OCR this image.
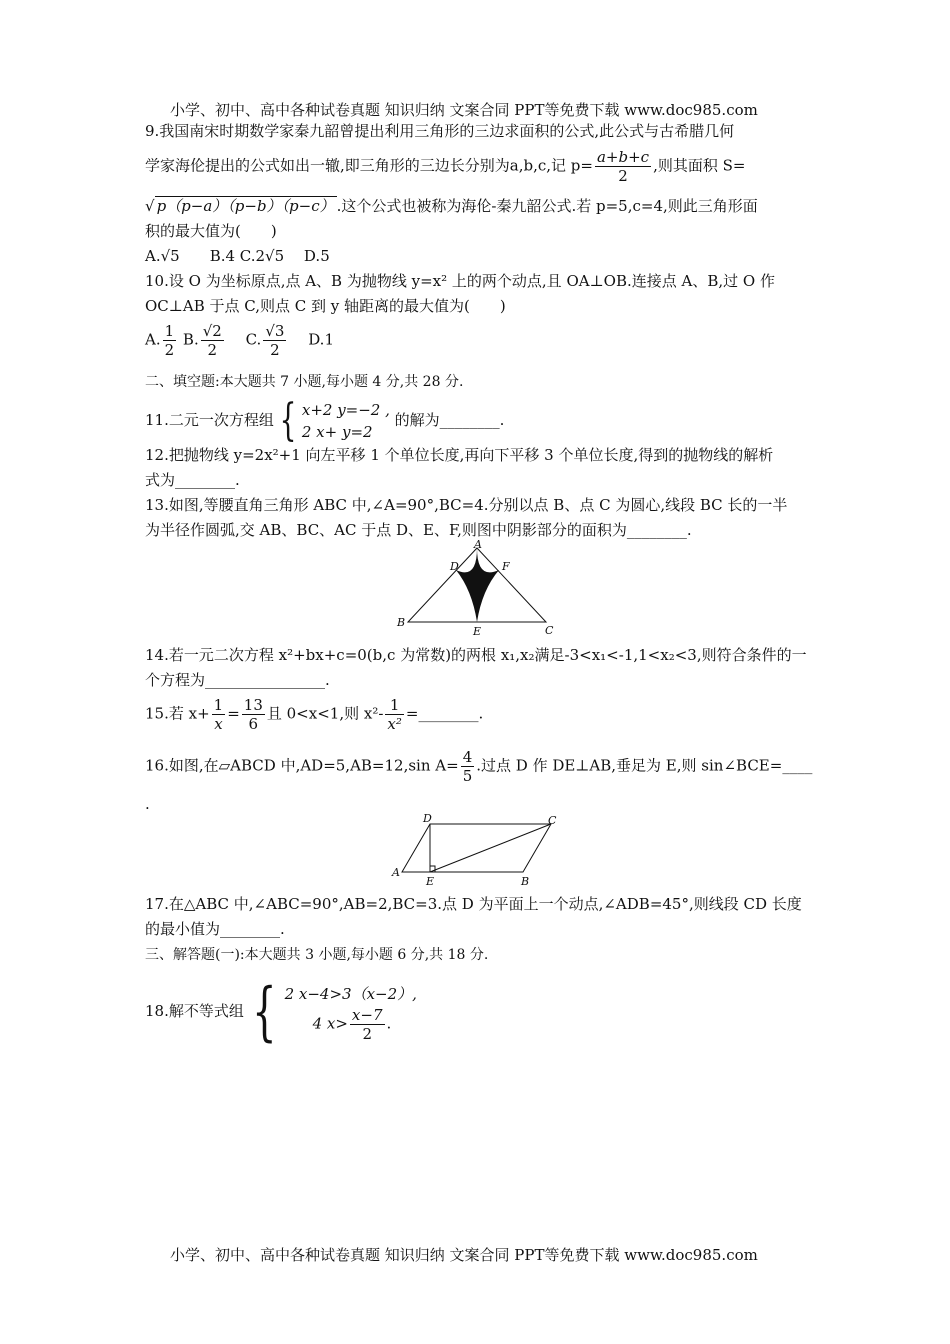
小学、初中、高中各种试卷真题 知识归纳 文案合同 PPT等免费下载 www.doc985.com
9.我国南宋时期数学家秦九韶曾提出利用三角形的三边求面积的公式,此公式与古希腊几何
学家海伦提出的公式如出一辙,即三角形的三边长分别为a,b,c,记 $p= \frac{a+b+c}{2}$ ,则其面积 S=
√ p（p−a）（p−b）（p−c） .这个公式也被称为海伦-秦九韶公式.若 p=5,c=4,则此三角形面
积的最大值为(　　)
A.√5　　B.4 C.2√5　 D.5
10.设 O 为坐标原点,点 A、B 为抛物线 y=x² 上的两个动点,且 OA⊥OB.连接点 A、B,过 O 作
OC⊥AB 于点 C,则点 C 到 y 轴距离的最大值为(　　)
A. $\frac{1}{2} B$. $\frac{√2}{2}$ 　 C. $\frac{√3}{2}$ 　 D.1
二、填空题:本大题共 7 小题,每小题 4 分,共 28 分.
11.二元一次方程组 { x+2 y=−2 ,
2 x+ y=2
的解为________.
12.把抛物线 y=2x²+1 向左平移 1 个单位长度,再向下平移 3 个单位长度,得到的抛物线的解析
式为________.
13.如图,等腰直角三角形 ABC 中,∠A=90°,BC=4.分别以点 B、点 C 为圆心,线段 BC 长的一半
为半径作圆弧,交 AB、BC、AC 于点 D、E、F,则图中阴影部分的面积为________.
A
B
C
D
E
F
14.若一元二次方程 x²+bx+c=0(b,c 为常数)的两根 x₁,x₂满足-3<x₁<-1,1<x₂<3,则符合条件的一
个方程为________________.
15.若 $x+ \frac{1}{x} = \frac{13}{6}$ 且 0<x<1,则 $x^2- \frac{1}{\text{x²}}$ =________.
16.如图,在▱ABCD 中,AD=5,AB=12,sin $A= \frac{4}{5}$ .过点 D 作 DE⊥AB,垂足为 E,则 sin∠BCE=____
.
A
B
C
D
E
17.在△ABC 中,∠ABC=90°,AB=2,BC=3.点 D 为平面上一个动点,∠ADB=45°,则线段 CD 长度
的最小值为________.
三、解答题(一):本大题共 3 小题,每小题 6 分,共 18 分.
18.解不等式组 { 2 x−4>3（x−2）,
4 $x> \frac{x-7}{2}$ .
小学、初中、高中各种试卷真题 知识归纳 文案合同 PPT等免费下载 www.doc985.com
